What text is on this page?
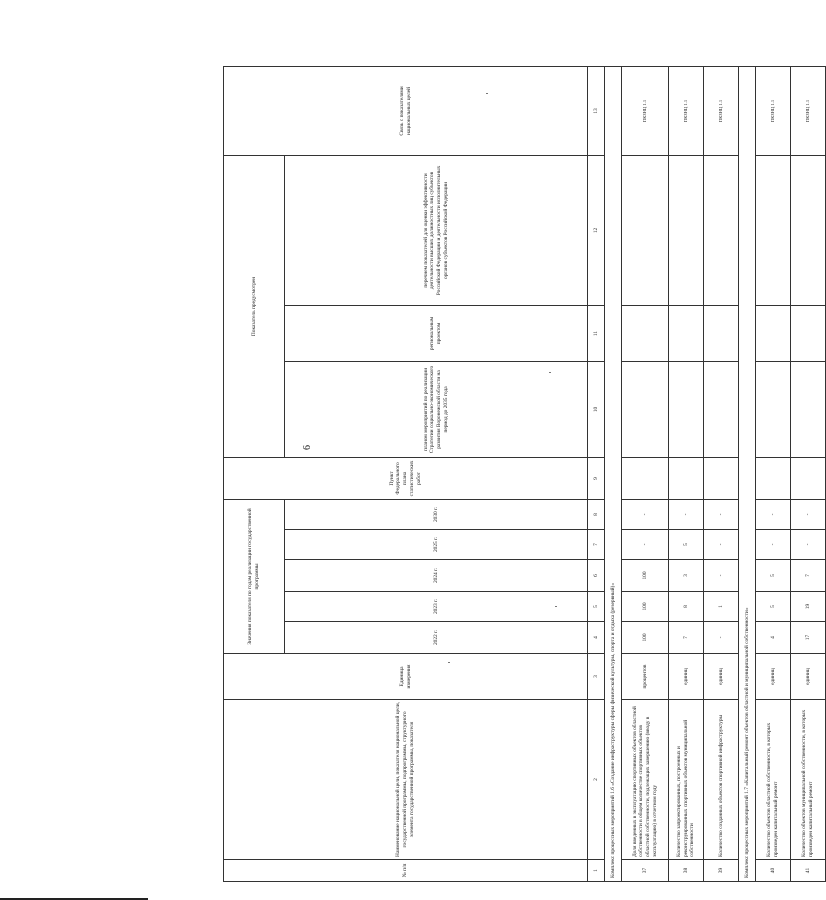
6
№ п/п	Наименование национальной цели, показателя национальной цели, государственной программы, подпрограммы, структурного элемента государственной программы, показателя	Единица измерения	Значения показателя по годам реализации государственной программы					Пункт Федерального плана статистических работ	Показатель предусмотрен			Связь с показателями национальных целей
			2022 г.	2023 г.	2024 г.	2025 г.	2030 г.		планом мероприятий по реализации Стратегии социально-экономического развития Воронежской области на период до 2035 года	региональным проектом	перечнем показателей для оценки эффективности деятельности высших должностных лиц субъектов Российской Федерации и деятельности исполнительных органов субъектов Российской Федерации	
1	2	3	4	5	6	7	8	9	10	11	12	13
Комплекс процессных мероприятий 1.6 «Создание инфраструктуры сферы физической культуры, спорта и отдыха (резервный)»												
37	Доля введенных в эксплуатацию спортивных объектов областной собственности в общем количестве спортивных объектов областной собственности, подлежащих завершению (вводу в эксплуатацию) в отчетном году	процентов	100	100	100	-	-					ПКЗНЦ 1.1
38	Количество запроектированных, построенных и реконструированных спортивных объектов муниципальной собственности	единиц	7	8	3	5	-					ПКЗНЦ 1.1
39	Количество созданных объектов спортивной инфраструктуры	единиц	-	1	-	-	-					ПКЗНЦ 1.1
Комплекс процессных мероприятий 1.7 «Капитальный ремонт объектов областной и муниципальной собственности»												
40	Количество объектов областной собственности, в которых произведен капитальный ремонт	единиц	4	5	5	-	-					ПКЗНЦ 1.1
41	Количество объектов муниципальной собственности, в которых произведен капитальный ремонт	единиц	17	19	7	-	-					ПКЗНЦ 1.1
